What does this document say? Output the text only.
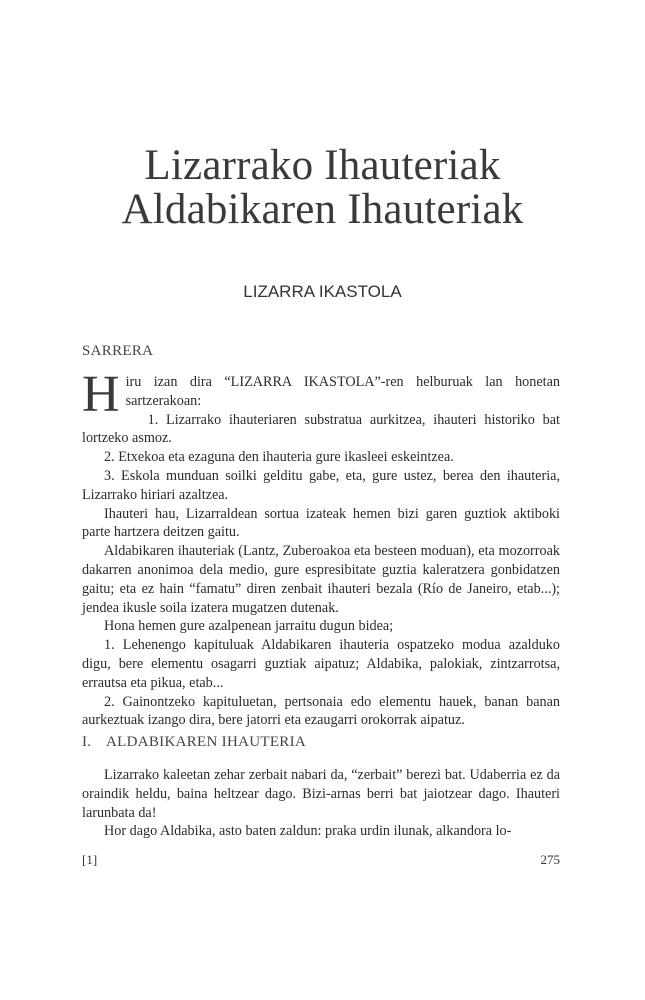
Lizarrako Ihauteriak
Aldabikaren Ihauteriak
LIZARRA IKASTOLA
SARRERA

Hiru izan dira “LIZARRA IKASTOLA”-ren helburuak lan honetan sartzerakoan:

1. Lizarrako ihauteriaren substratua aurkitzea, ihauteri historiko bat lortzeko asmoz.

2. Etxekoa eta ezaguna den ihauteria gure ikasleei eskeintzea.

3. Eskola munduan soilki gelditu gabe, eta, gure ustez, berea den ihauteria, Lizarrako hiriari azaltzea.

Ihauteri hau, Lizarraldean sortua izateak hemen bizi garen guztiok aktiboki parte hartzera deitzen gaitu.

Aldabikaren ihauteriak (Lantz, Zuberoakoa eta besteen moduan), eta mozorroak dakarren anonimoa dela medio, gure espresibitate guztia kaleratzera gonbidatzen gaitu; eta ez hain “famatu” diren zenbait ihauteri bezala (Río de Janeiro, etab...); jendea ikusle soila izatera mugatzen dutenak.

Hona hemen gure azalpenean jarraitu dugun bidea;

1. Lehenengo kapituluak Aldabikaren ihauteria ospatzeko modua azalduko digu, bere elementu osagarri guztiak aipatuz; Aldabika, palokiak, zintzarrotsa, errautsa eta pikua, etab...

2. Gainontzeko kapituluetan, pertsonaia edo elementu hauek, banan banan aurkeztuak izango dira, bere jatorri eta ezaugarri orokorrak aipatuz.

I. ALDABIKAREN IHAUTERIA

Lizarrako kaleetan zehar zerbait nabari da, “zerbait” berezi bat. Udaberria ez da oraindik heldu, baina heltzear dago. Bizi-arnas berri bat jaiotzear dago. Ihauteri larunbata da!

Hor dago Aldabika, asto baten zaldun: praka urdin ilunak, alkandora lo-

[1]	275
